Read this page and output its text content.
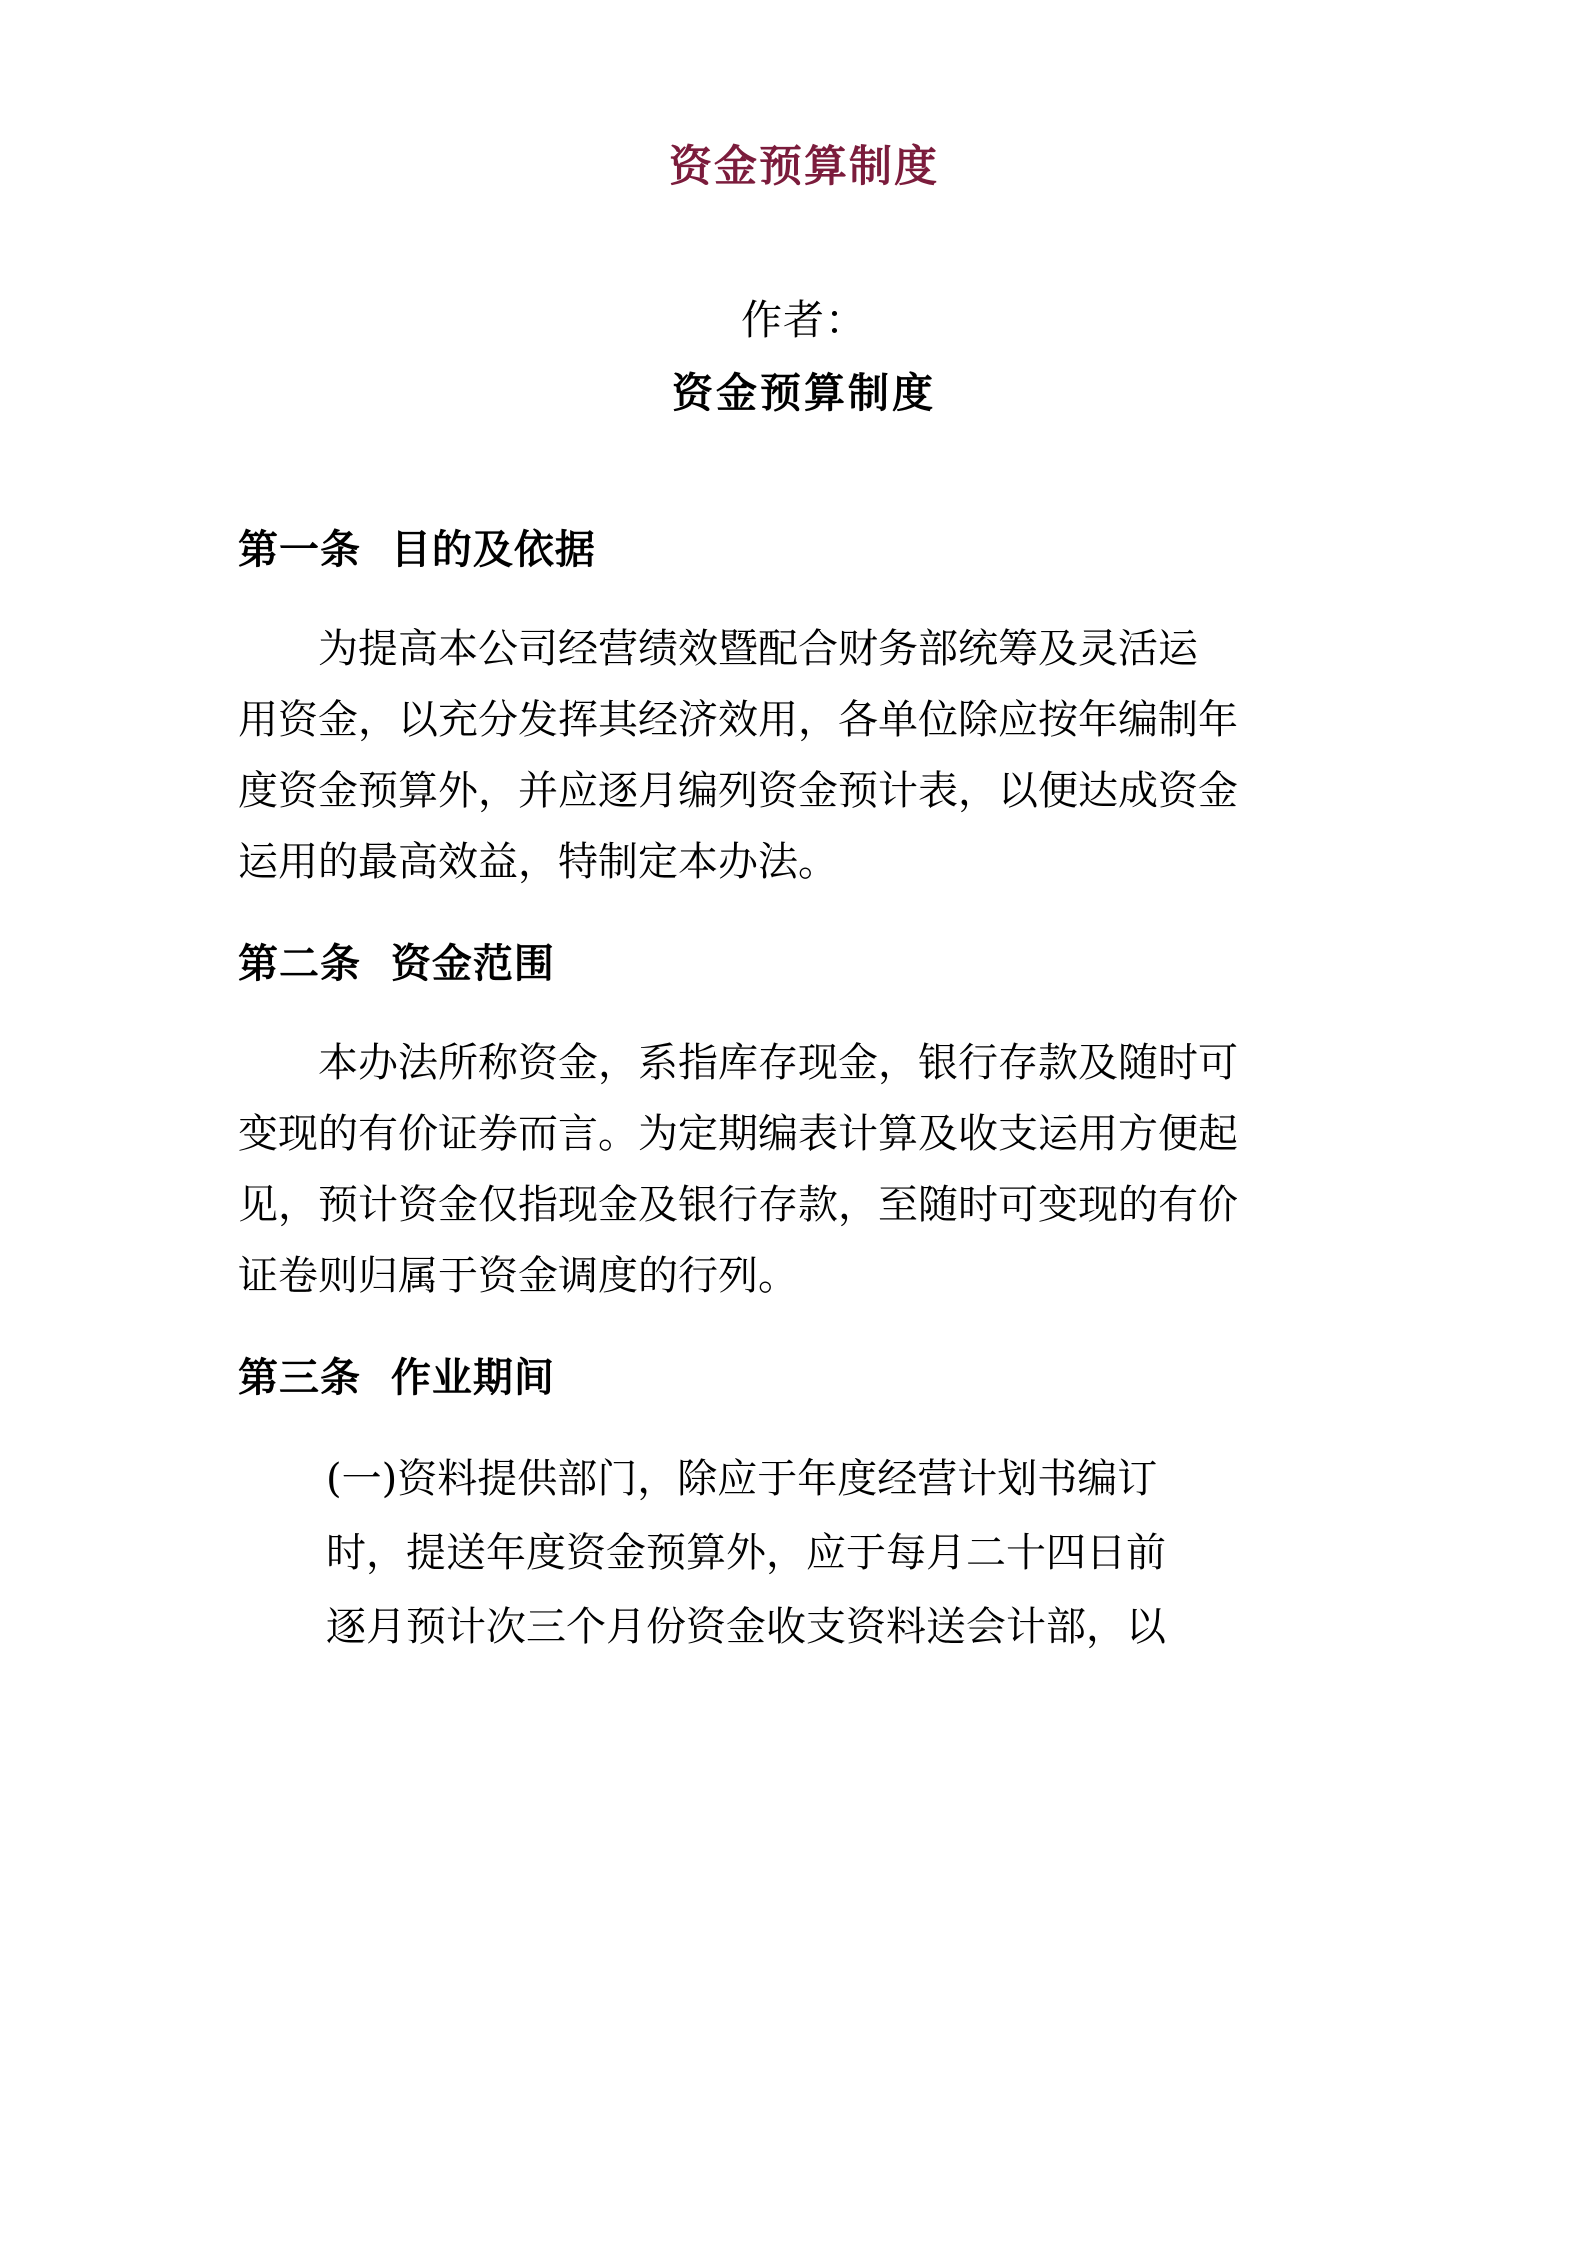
资金预算制度

作者：

资金预算制度

第一条  目的及依据
　　为提高本公司经营绩效暨配合财务部统筹及灵活运
用资金，以充分发挥其经济效用，各单位除应按年编制年
度资金预算外，并应逐月编列资金预计表，以便达成资金
运用的最高效益，特制定本办法。
第二条  资金范围
　　本办法所称资金，系指库存现金，银行存款及随时可
变现的有价证券而言。为定期编表计算及收支运用方便起
见，预计资金仅指现金及银行存款，至随时可变现的有价
证卷则归属于资金调度的行列。
第三条  作业期间
(一)资料提供部门，除应于年度经营计划书编订
时，提送年度资金预算外，应于每月二十四日前
逐月预计次三个月份资金收支资料送会计部，以
